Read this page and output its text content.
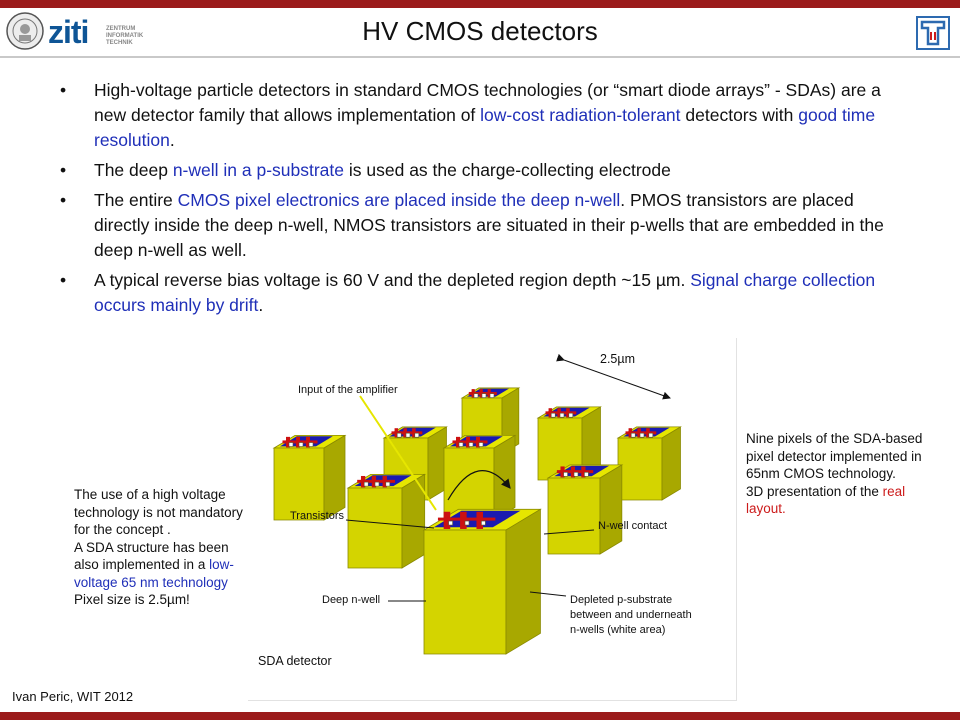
ziti	ZENTRUM INFORMATIK TECHNIK	HV CMOS detectors
• High-voltage particle detectors in standard CMOS technologies (or “smart diode arrays” - SDAs) are a new detector family that allows implementation of low-cost radiation-tolerant detectors with good time resolution.
• The deep n-well in a p-substrate is used as the charge-collecting electrode
• The entire CMOS pixel electronics are placed inside the deep n-well. PMOS transistors are placed directly inside the deep n-well, NMOS transistors are situated in their p-wells that are embedded in the deep n-well as well.
• A typical reverse bias voltage is 60 V and the depleted region depth ~15 µm. Signal charge collection occurs mainly by drift.
2.5µm
Input of the amplifier
Transistors
N-well contact
Deep n-well	Depleted p-substrate
between and underneath
n-wells (white area)
SDA detector
The use of a high voltage technology is not mandatory for the concept .
A SDA structure has been also implemented in a low-voltage 65 nm technology
Pixel size is 2.5µm!
Nine pixels of the SDA-based pixel detector implemented in 65nm CMOS technology.
3D presentation of the real layout.
Ivan Peric, WIT 2012
